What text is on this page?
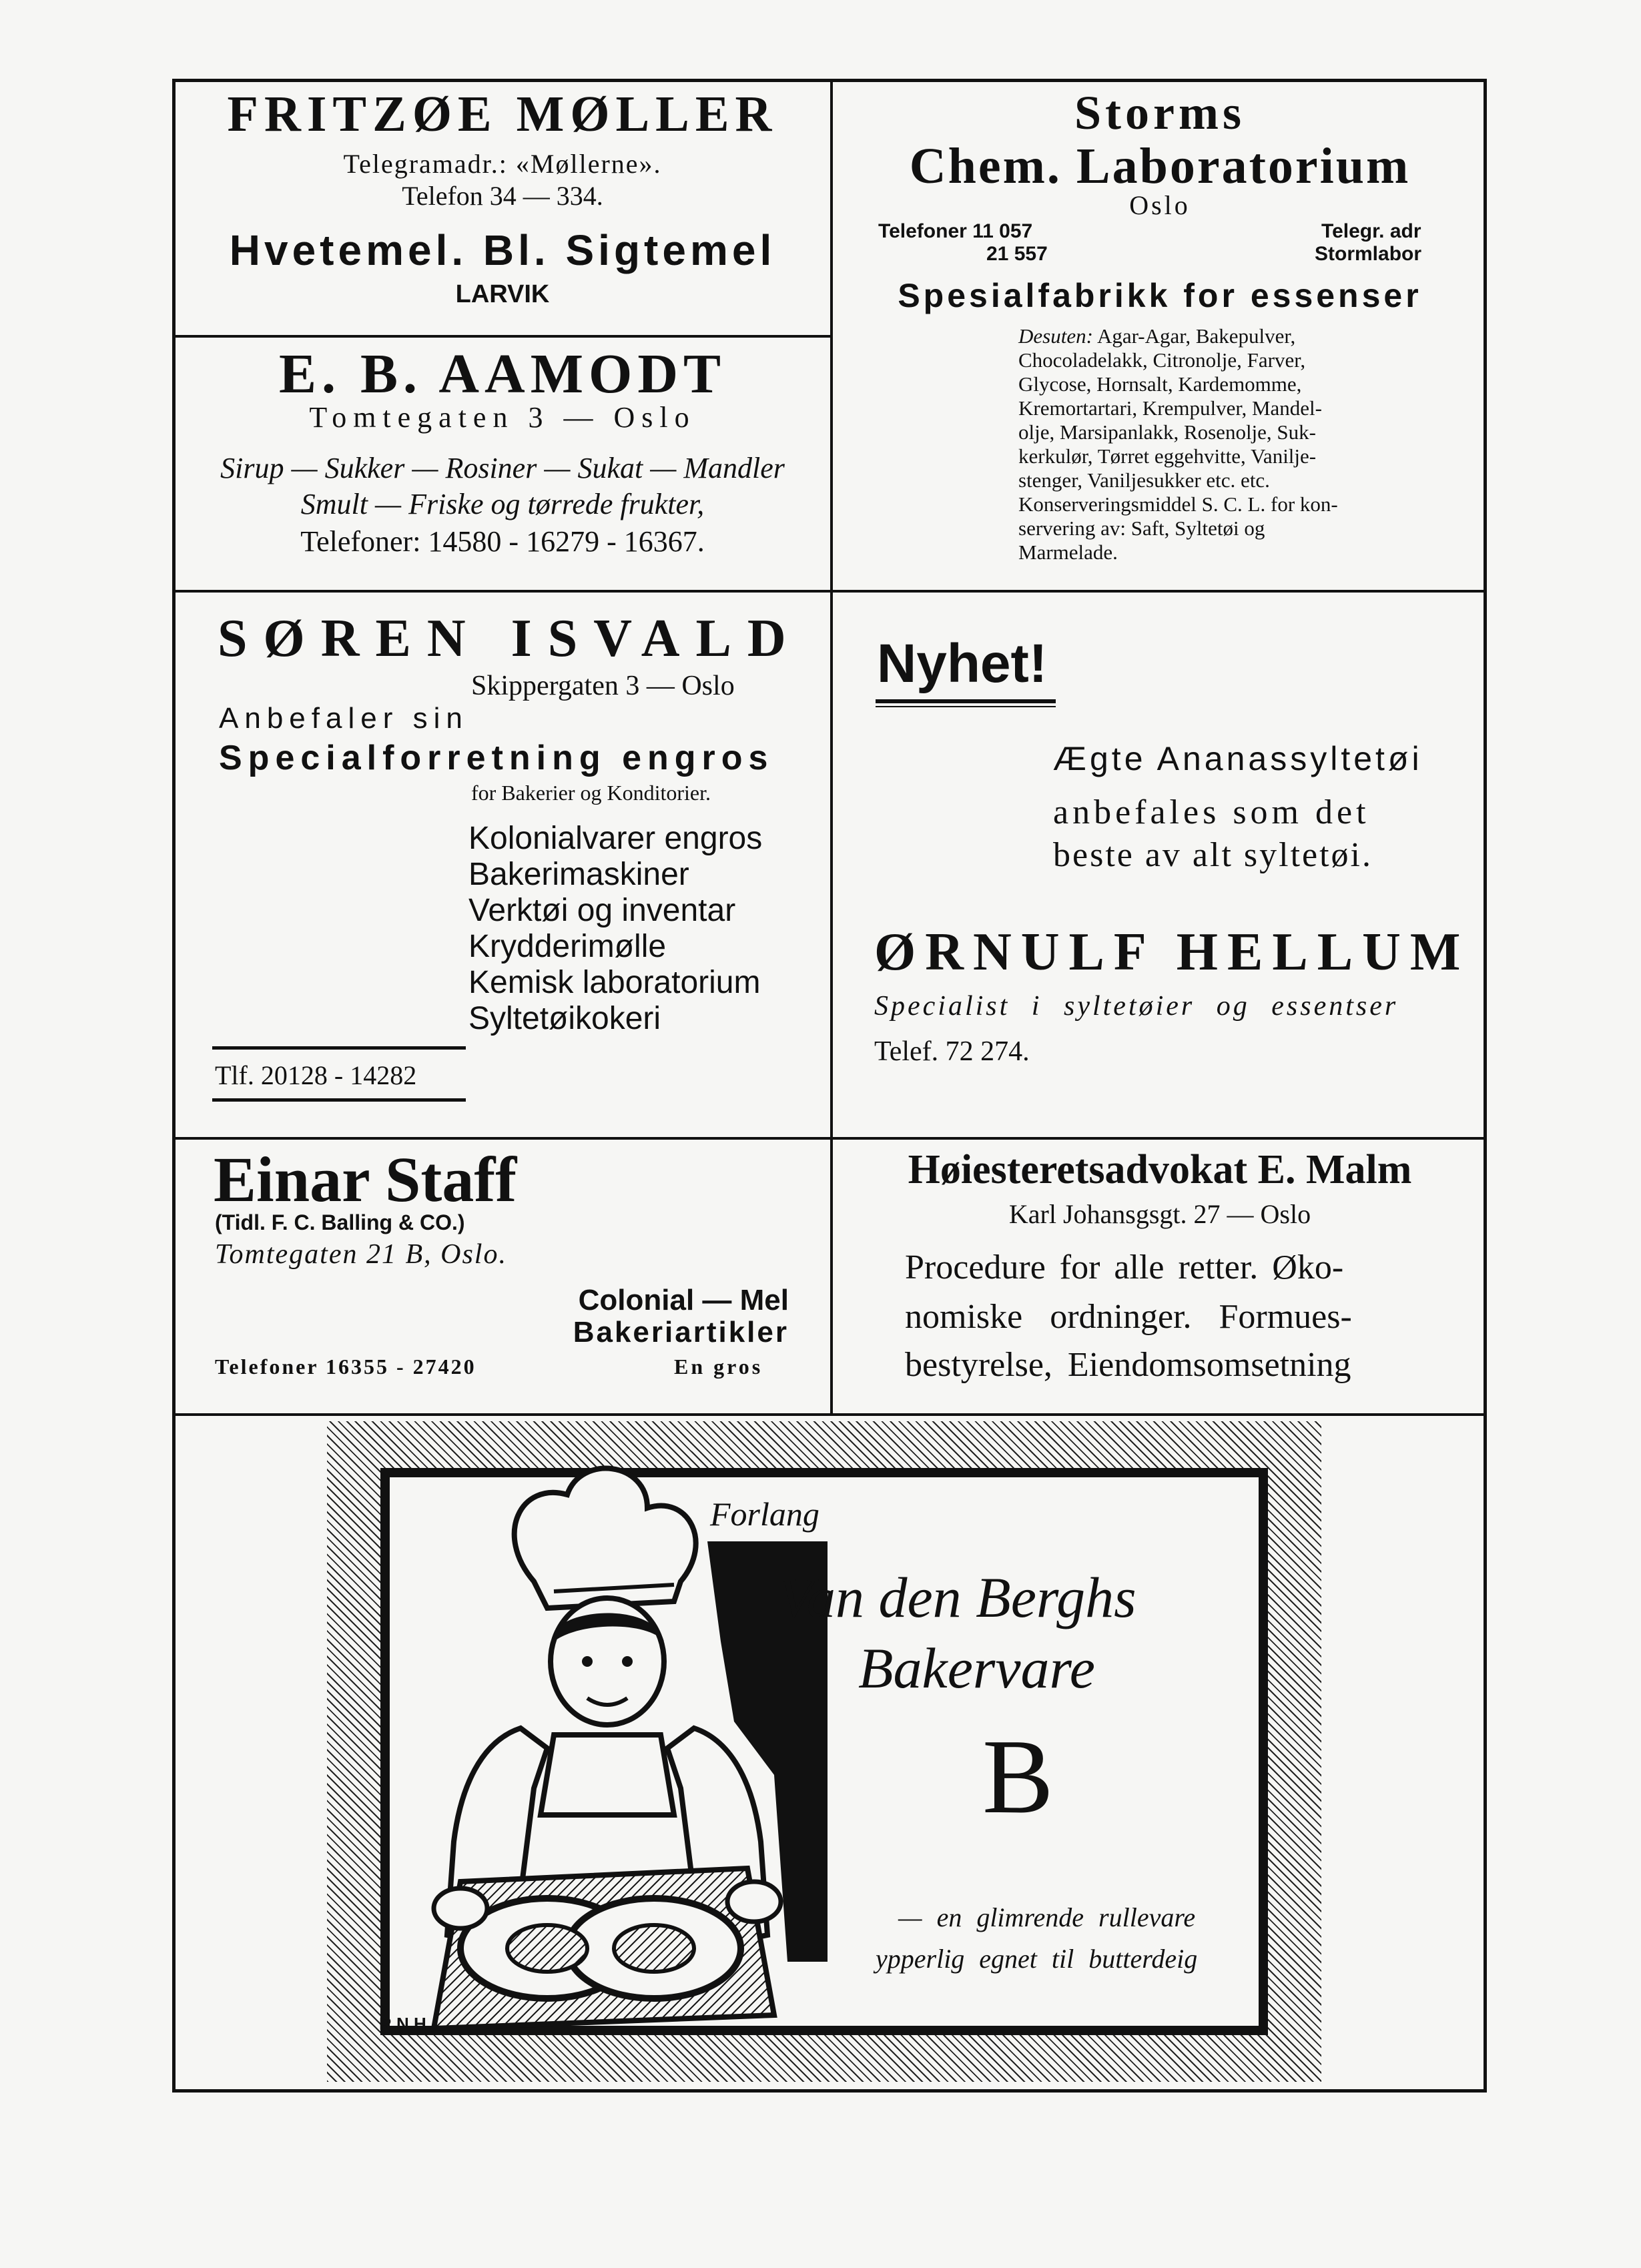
FRITZØE MØLLER
Telegramadr.: «Møllerne».
Telefon 34 — 334.
Hvetemel. Bl. Sigtemel
LARVIK
E. B. AAMODT
Tomtegaten 3 — Oslo
Sirup — Sukker — Rosiner — Sukat — Mandler
Smult — Friske og tørrede frukter,
Telefoner: 14580 - 16279 - 16367.
Storms
Chem. Laboratorium
Oslo
Telefoner 11 057
21 557
Telegr. adr
Stormlabor
Spesialfabrikk for essenser
Desuten: Agar-Agar, Bakepulver,
Chocoladelakk, Citronolje, Farver,
Glycose, Hornsalt, Kardemomme,
Kremortartari, Krempulver, Mandel-
olje, Marsipanlakk, Rosenolje, Suk-
kerkulør, Tørret eggehvitte, Vanilje-
stenger, Vaniljesukker etc. etc.
Konserveringsmiddel S. C. L. for kon-
servering av: Saft, Syltetøi og
Marmelade.
SØREN ISVALD
Skippergaten 3 — Oslo
Anbefaler sin
Specialforretning engros
for Bakerier og Konditorier.
Kolonialvarer engros
Bakerimaskiner
Verktøi og inventar
Krydderimølle
Kemisk laboratorium
Syltetøikokeri
Tlf. 20128 - 14282
Nyhet!
Ægte Ananassyltetøi
anbefales som det
beste av alt syltetøi.
ØRNULF HELLUM
Specialist i syltetøier og essentser
Telef. 72 274.
Einar Staff
(Tidl. F. C. Balling & CO.)
Tomtegaten 21 B, Oslo.
Colonial — Mel
Bakeriartikler
Telefoner 16355 - 27420	En gros
Høiesteretsadvokat E. Malm
Karl Johansgsgt. 27 — Oslo
Procedure for alle retter. Øko-
nomiske ordninger. Formues-
bestyrelse, Eiendomsomsetning
R.N.H.
Forlang
Van den Berghs
Bakervare
B
— en glimrende rullevare
ypperlig egnet til butterdeig
